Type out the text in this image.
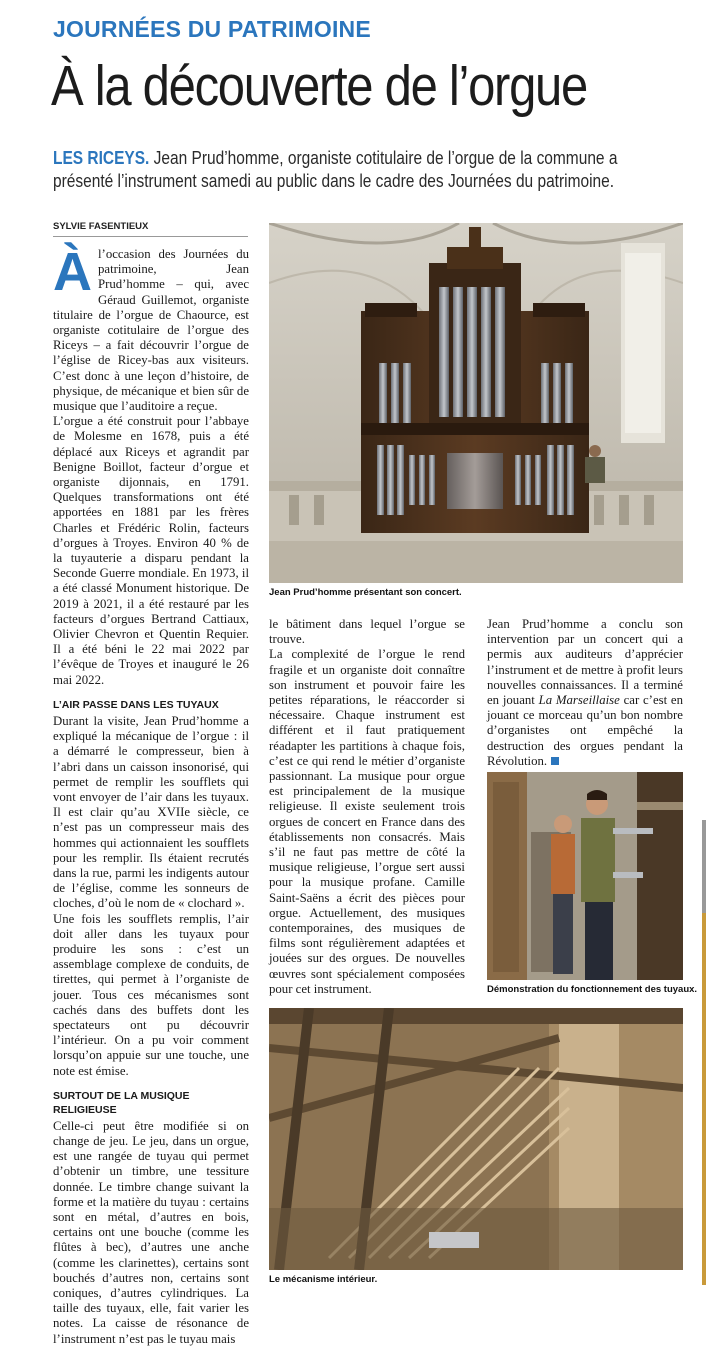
JOURNÉES DU PATRIMOINE
À la découverte de l’orgue
LES RICEYS. Jean Prud’homme, organiste cotitulaire de l’orgue de la commune a présenté l’instrument samedi au public dans le cadre des Journées du patrimoine.
SYLVIE FASENTIEUX

Àl’occasion des Journées du patrimoine, Jean Prud’homme – qui, avec Géraud Guillemot, organiste titulaire de l’orgue de Chaource, est organiste cotitulaire de l’orgue des Riceys – a fait découvrir l’orgue de l’église de Ricey-bas aux visiteurs. C’est donc à une leçon d’histoire, de physique, de mécanique et bien sûr de musique que l’auditoire a reçue.

L’orgue a été construit pour l’abbaye de Molesme en 1678, puis a été déplacé aux Riceys et agrandit par Benigne Boillot, facteur d’orgue et organiste dijonnais, en 1791. Quelques transformations ont été apportées en 1881 par les frères Charles et Frédéric Rolin, facteurs d’orgues à Troyes. Environ 40 % de la tuyauterie a disparu pendant la Seconde Guerre mondiale. En 1973, il a été classé Monument historique. De 2019 à 2021, il a été restauré par les facteurs d’orgues Bertrand Cattiaux, Olivier Chevron et Quentin Requier. Il a été béni le 22 mai 2022 par l’évêque de Troyes et inauguré le 26 mai 2022.

L’AIR PASSE DANS LES TUYAUX

Durant la visite, Jean Prud’homme a expliqué la mécanique de l’orgue : il a démarré le compresseur, bien à l’abri dans un caisson insonorisé, qui permet de remplir les soufflets qui vont envoyer de l’air dans les tuyaux. Il est clair qu’au XVIIe siècle, ce n’est pas un compresseur mais des hommes qui actionnaient les soufflets pour les remplir. Ils étaient recrutés dans la rue, parmi les indigents autour de l’église, comme les sonneurs de cloches, d’où le nom de « clochard ».

Une fois les soufflets remplis, l’air doit aller dans les tuyaux pour produire les sons : c’est un assemblage complexe de conduits, de tirettes, qui permet à l’organiste de jouer. Tous ces mécanismes sont cachés dans des buffets dont les spectateurs ont pu découvrir l’intérieur. On a pu voir comment lorsqu’on appuie sur une touche, une note est émise.

SURTOUT DE LA MUSIQUE RELIGIEUSE

Celle-ci peut être modifiée si on change de jeu. Le jeu, dans un orgue, est une rangée de tuyau qui permet d’obtenir un timbre, une tessiture donnée. Le timbre change suivant la forme et la matière du tuyau : certains sont en métal, d’autres en bois, certains ont une bouche (comme les flûtes à bec), d’autres une anche (comme les clarinettes), certains sont bouchés d’autres non, certains sont coniques, d’autres cylindriques. La taille des tuyaux, elle, fait varier les notes. La caisse de résonance de l’instrument n’est pas le tuyau mais

le bâtiment dans lequel l’orgue se trouve.

La complexité de l’orgue le rend fragile et un organiste doit connaître son instrument et pouvoir faire les petites réparations, le réaccorder si nécessaire. Chaque instrument est différent et il faut pratiquement réadapter les partitions à chaque fois, c’est ce qui rend le métier d’organiste passionnant. La musique pour orgue est principalement de la musique religieuse. Il existe seulement trois orgues de concert en France dans des établissements non consacrés. Mais s’il ne faut pas mettre de côté la musique religieuse, l’orgue sert aussi pour la musique profane. Camille Saint-Saëns a écrit des pièces pour orgue. Actuellement, des musiques contemporaines, des musiques de films sont régulièrement adaptées et jouées sur des orgues. De nouvelles œuvres sont spécialement composées pour cet instrument.

Jean Prud’homme a conclu son intervention par un concert qui a permis aux auditeurs d’apprécier l’instrument et de mettre à profit leurs nouvelles connaissances. Il a terminé en jouant La Marseillaise car c’est en jouant ce morceau qu’un bon nombre d’organistes ont empêché la destruction des orgues pendant la Révolution.

Jean Prud’homme présentant son concert.
Démonstration du fonctionnement des tuyaux.
Le mécanisme intérieur.
